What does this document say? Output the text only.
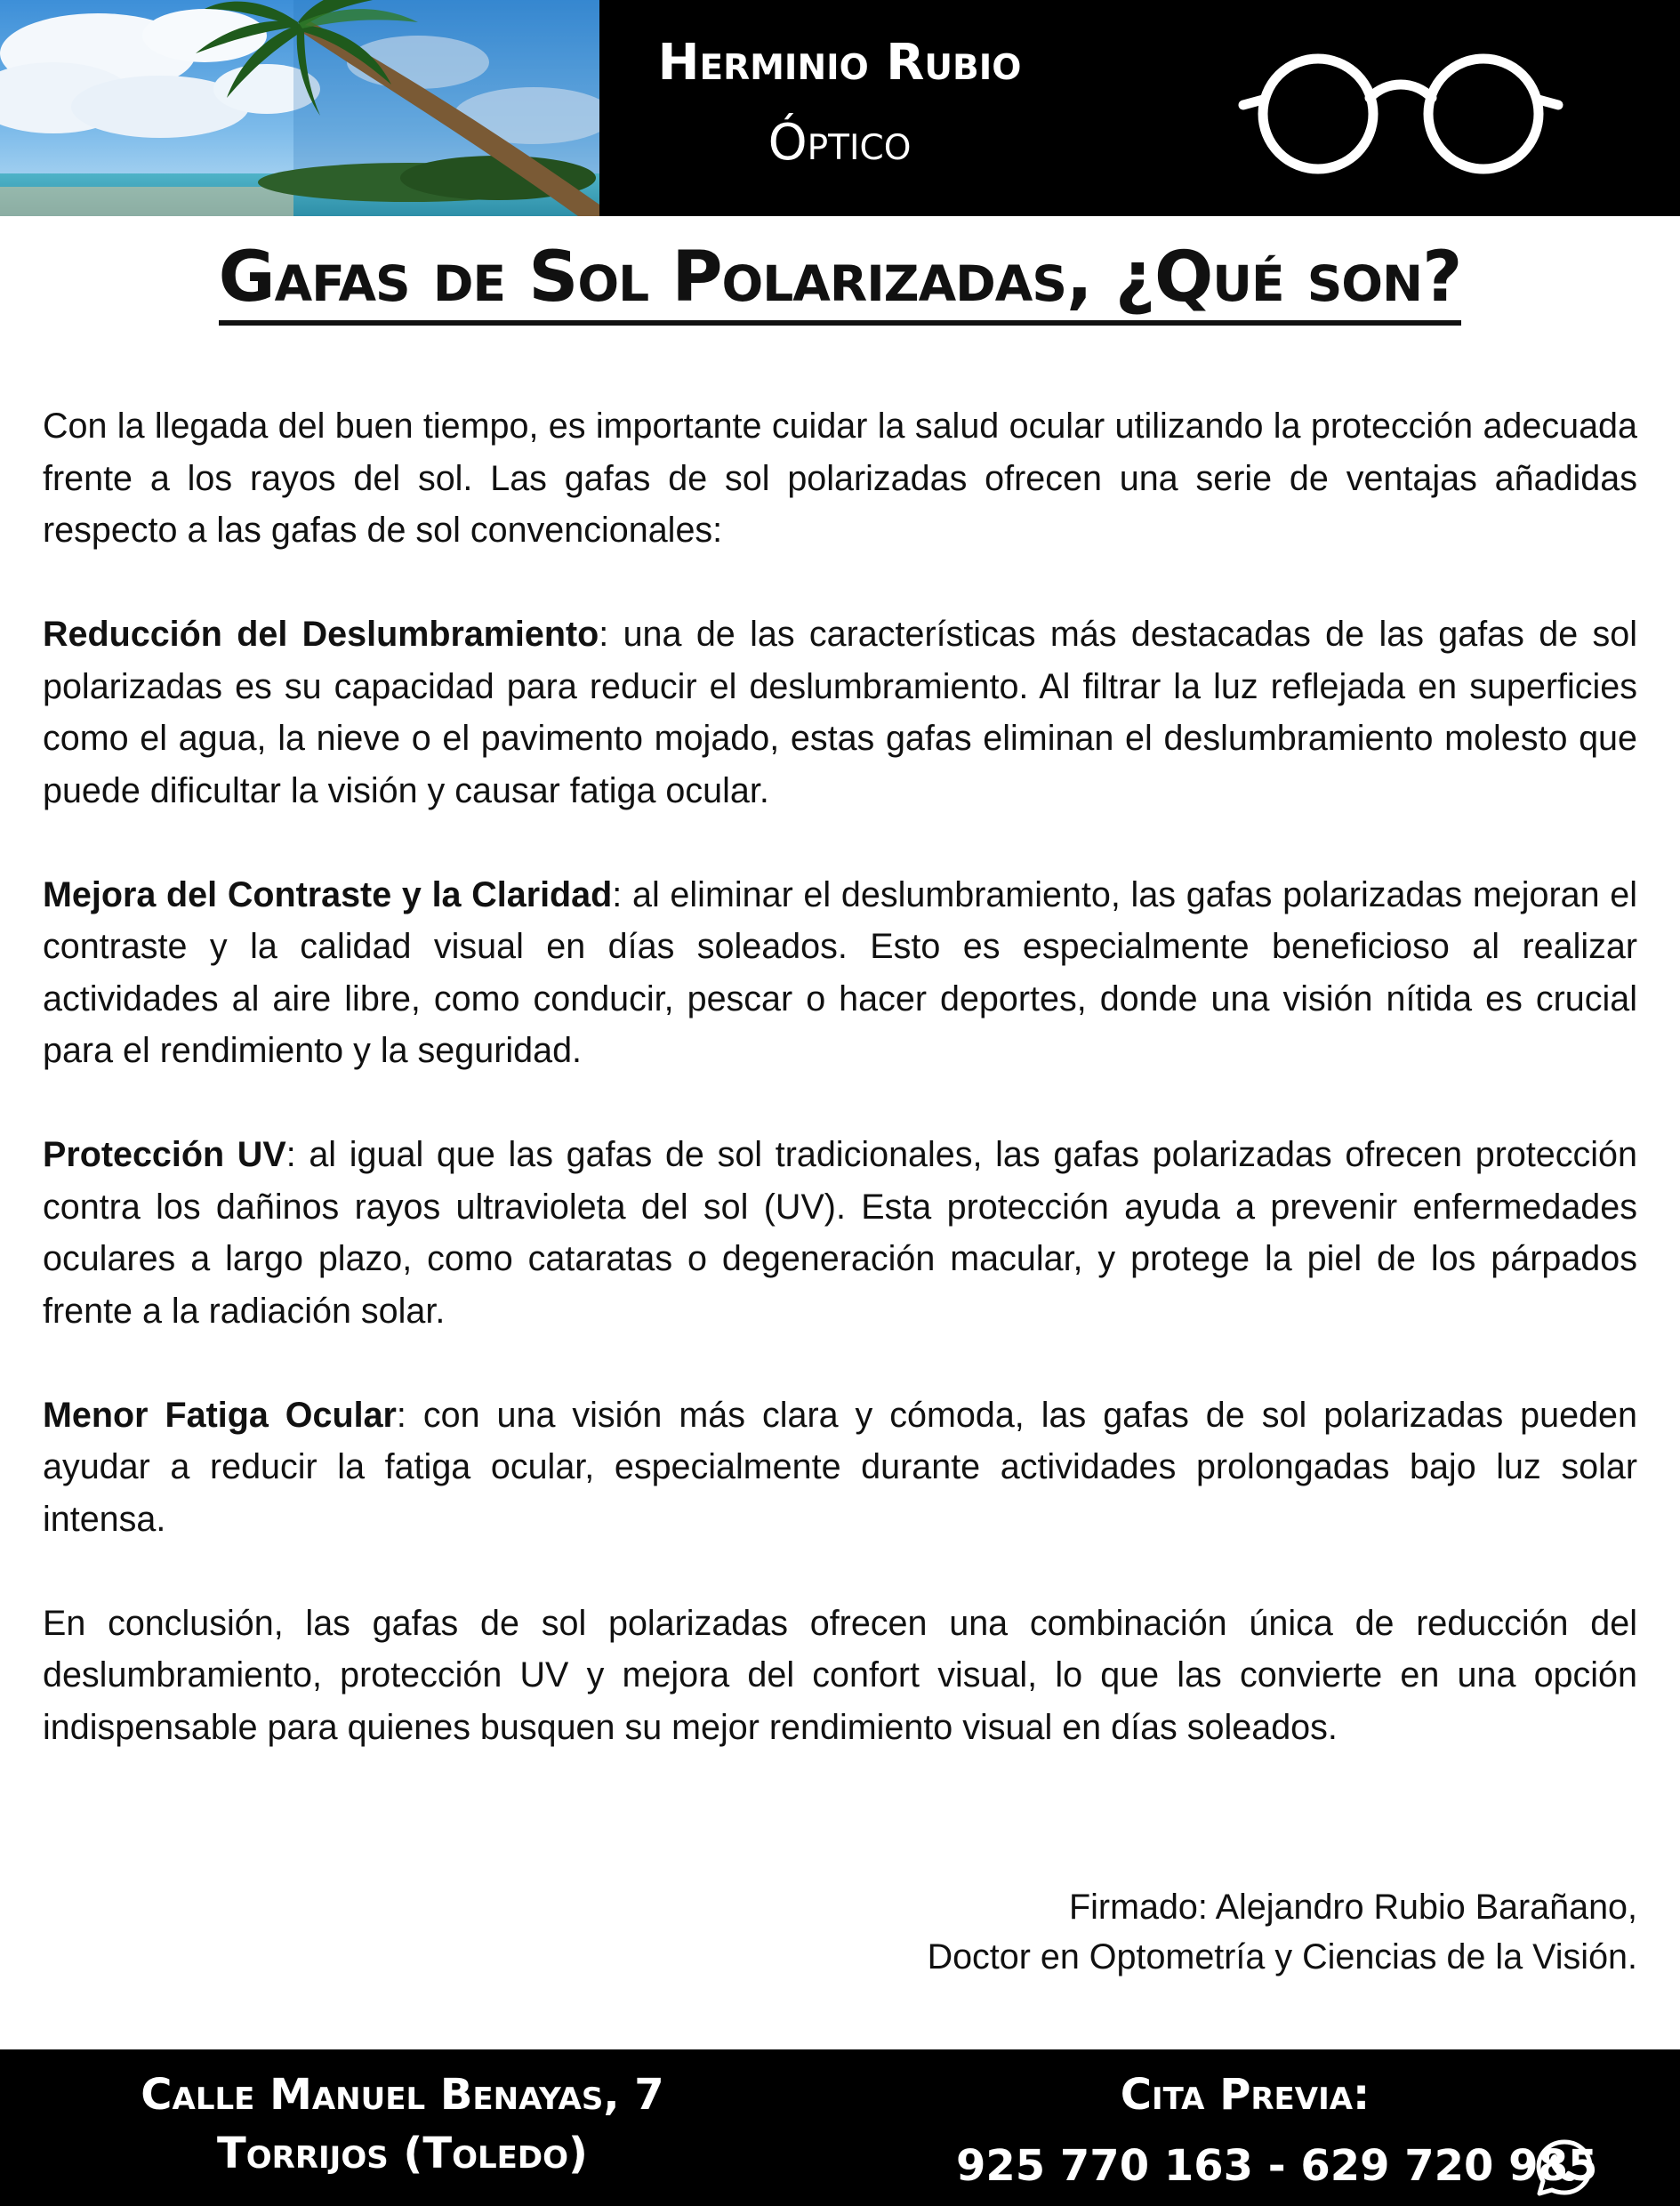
Herminio Rubio
Óptico
Gafas de Sol Polarizadas, ¿Qué son?

Con la llegada del buen tiempo, es importante cuidar la salud ocular utilizando la protección adecuada frente a los rayos del sol. Las gafas de sol polarizadas ofrecen una serie de ventajas añadidas respecto a las gafas de sol convencionales:

Reducción del Deslumbramiento: una de las características más destacadas de las gafas de sol polarizadas es su capacidad para reducir el deslumbramiento. Al filtrar la luz reflejada en superficies como el agua, la nieve o el pavimento mojado, estas gafas eliminan el deslumbramiento molesto que puede dificultar la visión y causar fatiga ocular.

Mejora del Contraste y la Claridad: al eliminar el deslumbramiento, las gafas polarizadas mejoran el contraste y la calidad visual en días soleados. Esto es especialmente beneficioso al realizar actividades al aire libre, como conducir, pescar o hacer deportes, donde una visión nítida es crucial para el rendimiento y la seguridad.

Protección UV: al igual que las gafas de sol tradicionales, las gafas polarizadas ofrecen protección contra los dañinos rayos ultravioleta del sol (UV). Esta protección ayuda a prevenir enfermedades oculares a largo plazo, como cataratas o degeneración macular, y protege la piel de los párpados frente a la radiación solar.

Menor Fatiga Ocular: con una visión más clara y cómoda, las gafas de sol polarizadas pueden ayudar a reducir la fatiga ocular, especialmente durante actividades prolongadas bajo luz solar intensa.

En conclusión, las gafas de sol polarizadas ofrecen una combinación única de reducción del deslumbramiento, protección UV y mejora del confort visual, lo que las convierte en una opción indispensable para quienes busquen su mejor rendimiento visual en días soleados.

Firmado: Alejandro Rubio Barañano,
Doctor en Optometría y Ciencias de la Visión.
Calle Manuel Benayas, 7
Torrijos (Toledo)
Cita Previa:
925 770 163 - 629 720 985
